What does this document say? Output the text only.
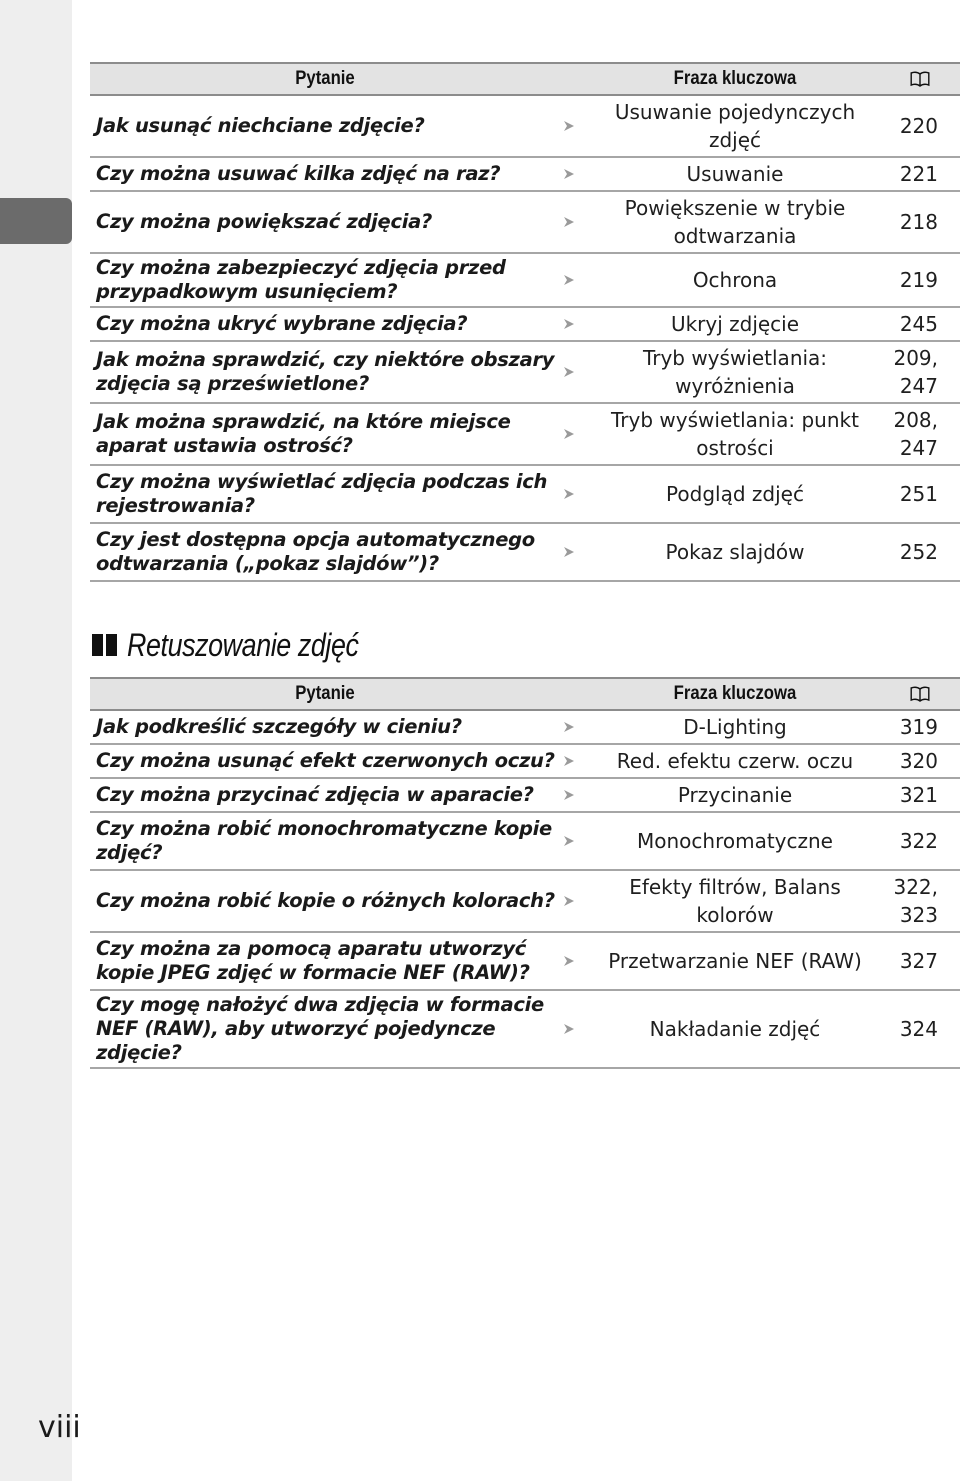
viii
Pytanie		Fraza kluczowa	
Jak usunąć niechciane zdjęcie?		Usuwanie pojedynczych zdjęć	220
Czy można usuwać kilka zdjęć na raz?		Usuwanie	221
Czy można powiększać zdjęcia?		Powiększenie w trybie odtwarzania	218
Czy można zabezpieczyć zdjęcia przed przypadkowym usunięciem?		Ochrona	219
Czy można ukryć wybrane zdjęcia?		Ukryj zdjęcie	245
Jak można sprawdzić, czy niektóre obszary zdjęcia są prześwietlone?		Tryb wyświetlania: wyróżnienia	209, 247
Jak można sprawdzić, na które miejsce aparat ustawia ostrość?		Tryb wyświetlania: punkt ostrości	208, 247
Czy można wyświetlać zdjęcia podczas ich rejestrowania?		Podgląd zdjęć	251
Czy jest dostępna opcja automatycznego odtwarzania („pokaz slajdów”)?		Pokaz slajdów	252
Retuszowanie zdjęć
Pytanie		Fraza kluczowa	
Jak podkreślić szczegóły w cieniu?		D-Lighting	319
Czy można usunąć efekt czerwonych oczu?		Red. efektu czerw. oczu	320
Czy można przycinać zdjęcia w aparacie?		Przycinanie	321
Czy można robić monochromatyczne kopie zdjęć?		Monochromatyczne	322
Czy można robić kopie o różnych kolorach?		Efekty filtrów, Balans kolorów	322, 323
Czy można za pomocą aparatu utworzyć kopie JPEG zdjęć w formacie NEF (RAW)?		Przetwarzanie NEF (RAW)	327
Czy mogę nałożyć dwa zdjęcia w formacie NEF (RAW), aby utworzyć pojedyncze zdjęcie?		Nakładanie zdjęć	324
